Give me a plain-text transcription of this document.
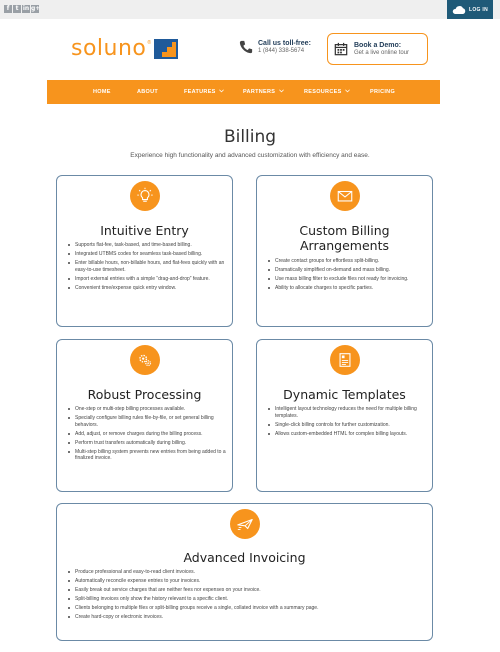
f	t in g+	LOG IN
soluno ®	Call us toll-free:
1 (844) 338-5674
Book a Demo:
Get a live online tour
HOME	ABOUT	FEATURES	PARTNERS	RESOURCES	PRICING
Billing
Experience high functionality and advanced customization with efficiency and ease.
Intuitive Entry
Supports flat-fee, task-based, and time-based billing.
Integrated UTBMS codes for seamless task-based billing.
Enter billable hours, non-billable hours, and flat-fees quickly with an easy-to-use timesheet.
Import external entries with a simple “drag-and-drop” feature.
Convenient time/expense quick entry window.
Custom Billing Arrangements
Create contact groups for effortless split-billing.
Dramatically simplified on-demand and mass billing.
Use mass billing filter to exclude files not ready for invoicing.
Ability to allocate charges to specific parties.
Robust Processing
One-step or multi-step billing processes available.
Specially configure billing rules file-by-file, or set general billing behaviors.
Add, adjust, or remove charges during the billing process.
Perform trust transfers automatically during billing.
Multi-step billing system prevents new entries from being added to a finalized invoice.
Dynamic Templates
Intelligent layout technology reduces the need for multiple billing templates.
Single-click billing controls for further customization.
Allows custom-embedded HTML for complex billing layouts.
Advanced Invoicing
Produce professional and easy-to-read client invoices.
Automatically reconcile expense entries to your invoices.
Easily break out service charges that are neither fees nor expenses on your invoice.
Split-billing invoices only show the history relevant to a specific client.
Clients belonging to multiple files or split-billing groups receive a single, collated invoice with a summary page.
Create hard-copy or electronic invoices.
